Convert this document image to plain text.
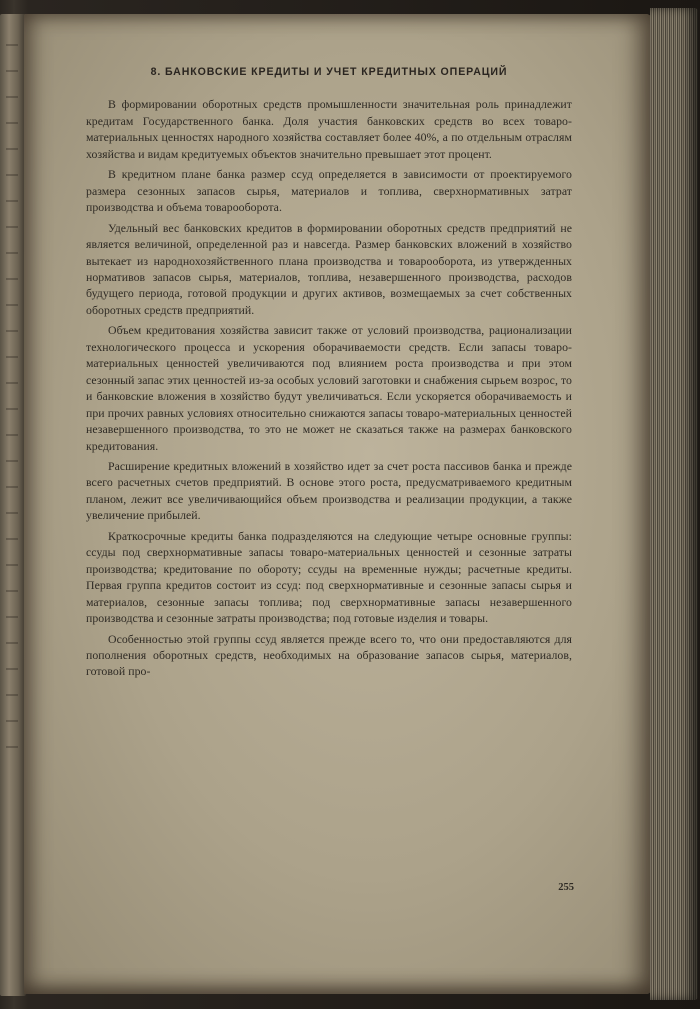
8. БАНКОВСКИЕ КРЕДИТЫ И УЧЕТ КРЕДИТНЫХ ОПЕРАЦИЙ

В формировании оборотных средств промышленности значительная роль принадлежит кредитам Государственного банка. Доля участия банковских средств во всех товаро-материальных ценностях народного хозяйства составляет более 40%, а по отдельным отраслям хозяйства и видам кредитуемых объектов значительно превышает этот процент.

В кредитном плане банка размер ссуд определяется в зависимости от проектируемого размера сезонных запасов сырья, материалов и топлива, сверхнормативных затрат производства и объема товарооборота.

Удельный вес банковских кредитов в формировании оборотных средств предприятий не является величиной, определенной раз и навсегда. Размер банковских вложений в хозяйство вытекает из народнохозяйственного плана производства и товарооборота, из утвержденных нормативов запасов сырья, материалов, топлива, незавершенного производства, расходов будущего периода, готовой продукции и других активов, возмещаемых за счет собственных оборотных средств предприятий.

Объем кредитования хозяйства зависит также от условий производства, рационализации технологического процесса и ускорения оборачиваемости средств. Если запасы товаро-материальных ценностей увеличиваются под влиянием роста производства и при этом сезонный запас этих ценностей из-за особых условий заготовки и снабжения сырьем возрос, то и банковские вложения в хозяйство будут увеличиваться. Если ускоряется оборачиваемость и при прочих равных условиях относительно снижаются запасы товаро-материальных ценностей незавершенного производства, то это не может не сказаться также на размерах банковского кредитования.

Расширение кредитных вложений в хозяйство идет за счет роста пассивов банка и прежде всего расчетных счетов предприятий. В основе этого роста, предусматриваемого кредитным планом, лежит все увеличивающийся объем производства и реализации продукции, а также увеличение прибылей.

Краткосрочные кредиты банка подразделяются на следующие четыре основные группы: ссуды под сверхнормативные запасы товаро-материальных ценностей и сезонные затраты производства; кредитование по обороту; ссуды на временные нужды; расчетные кредиты. Первая группа кредитов состоит из ссуд: под сверхнормативные и сезонные запасы сырья и материалов, сезонные запасы топлива; под сверхнормативные запасы незавершенного производства и сезонные затраты производства; под готовые изделия и товары.

Особенностью этой группы ссуд является прежде всего то, что они предоставляются для пополнения оборотных средств, необходимых на образование запасов сырья, материалов, готовой про-

255
